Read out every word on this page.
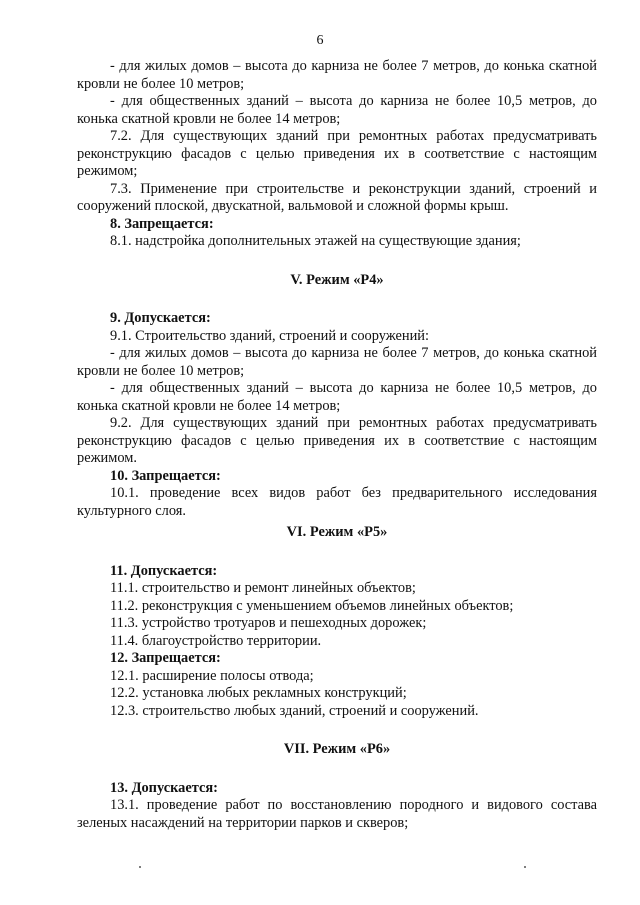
6

- для жилых домов – высота до карниза не более 7 метров, до конька скатной кровли не более 10 метров;

- для общественных зданий – высота до карниза не более 10,5 метров, до конька скатной кровли не более 14 метров;

7.2. Для существующих зданий при ремонтных работах предусматривать реконструкцию фасадов с целью приведения их в соответствие с настоящим режимом;

7.3. Применение при строительстве и реконструкции зданий, строений и сооружений плоской, двускатной, вальмовой и сложной формы крыш.

8. Запрещается:

8.1. надстройка дополнительных этажей на существующие здания;

V. Режим «Р4»

9. Допускается:

9.1. Строительство зданий, строений и сооружений:

- для жилых домов – высота до карниза не более 7 метров, до конька скатной кровли не более 10 метров;

- для общественных зданий – высота до карниза не более 10,5 метров, до конька скатной кровли не более 14 метров;

9.2. Для существующих зданий при ремонтных работах предусматривать реконструкцию фасадов с целью приведения их в соответствие с настоящим режимом.

10. Запрещается:

10.1. проведение всех видов работ без предварительного исследования культурного слоя.

VI. Режим «Р5»

11. Допускается:

11.1. строительство и ремонт линейных объектов;

11.2. реконструкция с уменьшением объемов линейных объектов;

11.3. устройство тротуаров и пешеходных дорожек;

11.4. благоустройство территории.

12. Запрещается:

12.1. расширение полосы отвода;

12.2. установка любых рекламных конструкций;

12.3. строительство любых зданий, строений и сооружений.

VII. Режим «Р6»

13. Допускается:

13.1. проведение работ по восстановлению породного и видового состава зеленых насаждений на территории парков и скверов;
